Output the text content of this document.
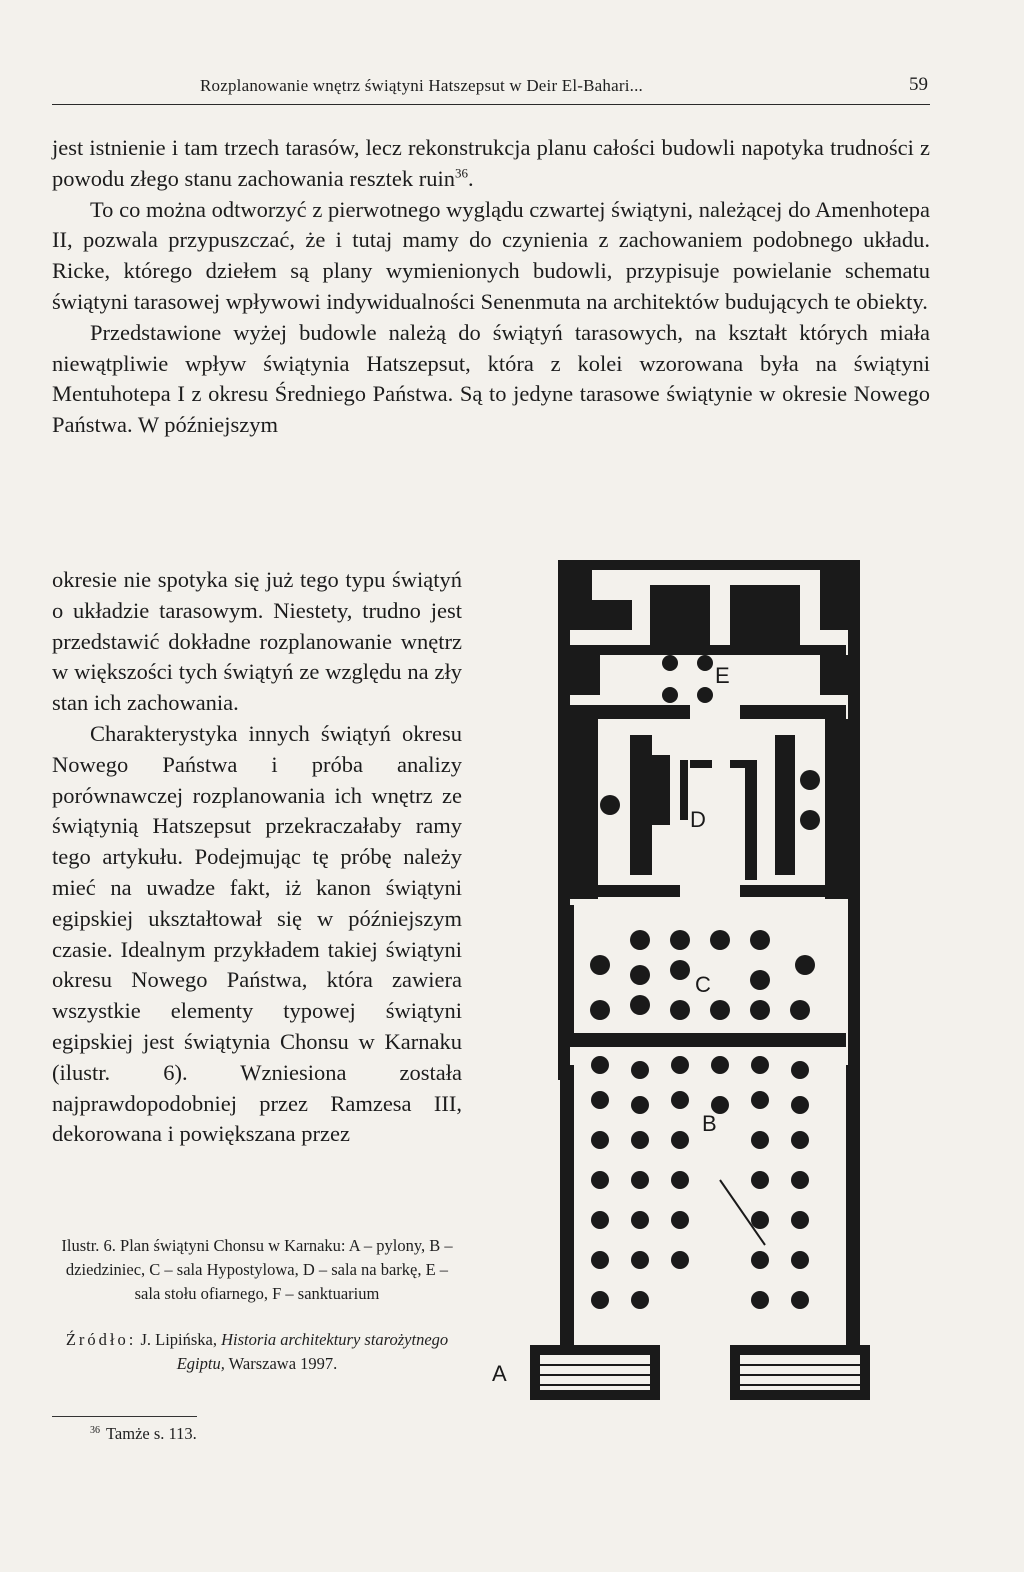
Rozplanowanie wnętrz świątyni Hatszepsut w Deir El-Bahari...	59

jest istnienie i tam trzech tarasów, lecz rekonstrukcja planu całości budowli napotyka trudności z powodu złego stanu zachowania resztek ruin$^{36}$.

To co można odtworzyć z pierwotnego wyglądu czwartej świątyni, należącej do Amenhotepa II, pozwala przypuszczać, że i tutaj mamy do czynienia z zachowaniem podobnego układu. Ricke, którego dziełem są plany wymienionych budowli, przypisuje powielanie schematu świątyni tarasowej wpływowi indywidualności Senenmuta na architektów budujących te obiekty.

Przedstawione wyżej budowle należą do świątyń tarasowych, na kształt których miała niewątpliwie wpływ świątynia Hatszepsut, która z kolei wzorowana była na świątyni Mentuhotepa I z okresu Średniego Państwa. Są to jedyne tarasowe świątynie w okresie Nowego Państwa. W późniejszym

okresie nie spotyka się już tego typu świątyń o układzie tarasowym. Niestety, trudno jest przedstawić dokładne rozplanowanie wnętrz w większości tych świątyń ze względu na zły stan ich zachowania.

Charakterystyka innych świątyń okresu Nowego Państwa i próba analizy porównawczej rozplanowania ich wnętrz ze świątynią Hatszepsut przekraczałaby ramy tego artykułu. Podejmując tę próbę należy mieć na uwadze fakt, iż kanon świątyni egipskiej ukształtował się w późniejszym czasie. Idealnym przykładem takiej świątyni okresu Nowego Państwa, która zawiera wszystkie elementy typowej świątyni egipskiej jest świątynia Chonsu w Karnaku (ilustr. 6). Wzniesiona została najprawdopodobniej przez Ramzesa III, dekorowana i powiększana przez

Ilustr. 6. Plan świątyni Chonsu w Karnaku: A – pylony, B – dziedziniec, C – sala Hypostylowa, D – sala na barkę, E – sala stołu ofiarnego, F – sanktuarium

Źródło: J. Lipińska, Historia architektury starożytnego Egiptu, Warszawa 1997.

$^{36}$ Tamże s. 113.
F
E
D
C
B
A
